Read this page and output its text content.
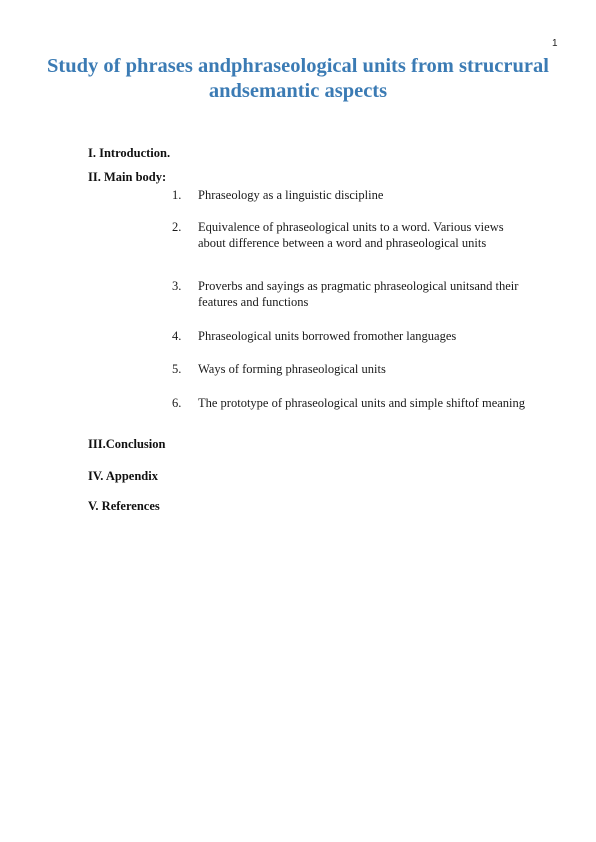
1
Study of phrases andphraseological units from strucrural andsemantic aspects

I. Introduction.

II. Main body:

1.	Phraseology as a linguistic discipline
2.	Equivalence of phraseological units to a word. Various views about difference between a word and phraseological units
3.	Proverbs and sayings as pragmatic phraseological unitsand their features and functions
4.	Phraseological units borrowed fromother languages
5.	Ways of forming phraseological units
6.	The prototype of phraseological units and simple shiftof meaning

III.Conclusion

IV. Appendix

V. References
